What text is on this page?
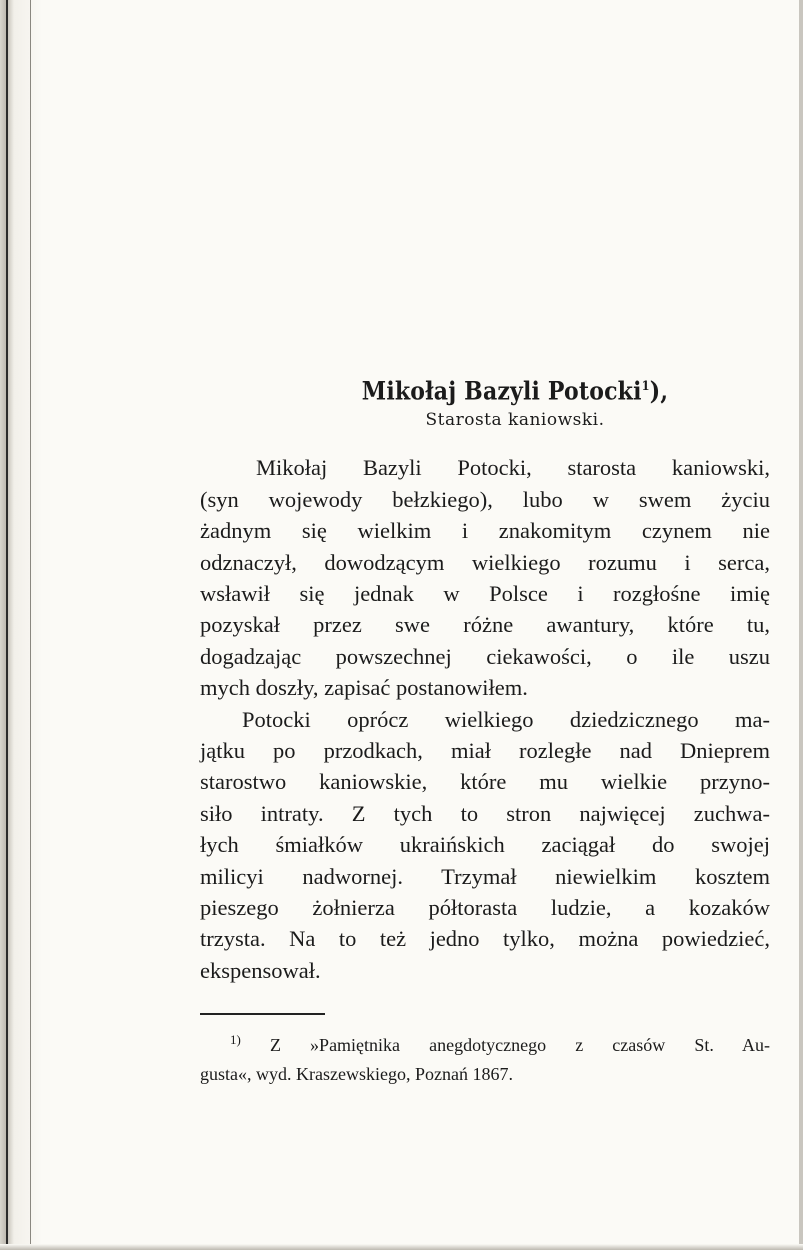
Mikołaj Bazyli Potocki$^1$),
Starosta kaniowski.
Mikołaj Bazyli Potocki, starosta kaniowski,
(syn wojewody bełzkiego), lubo w swem życiu
żadnym się wielkim i znakomitym czynem nie
odznaczył, dowodzącym wielkiego rozumu i serca,
wsławił się jednak w Polsce i rozgłośne imię
pozyskał przez swe różne awantury, które tu,
dogadzając powszechnej ciekawości, o ile uszu
mych doszły, zapisać postanowiłem.
Potocki oprócz wielkiego dziedzicznego ma-
jątku po przodkach, miał rozległe nad Dnieprem
starostwo kaniowskie, które mu wielkie przyno-
siło intraty. Z tych to stron najwięcej zuchwa-
łych śmiałków ukraińskich zaciągał do swojej
milicyi nadwornej. Trzymał niewielkim kosztem
pieszego żołnierza półtorasta ludzie, a kozaków
trzysta. Na to też jedno tylko, można powiedzieć,
ekspensował.
$^{1)}$ Z »Pamiętnika anegdotycznego z czasów St. Au-
gusta«, wyd. Kraszewskiego, Poznań 1867.
